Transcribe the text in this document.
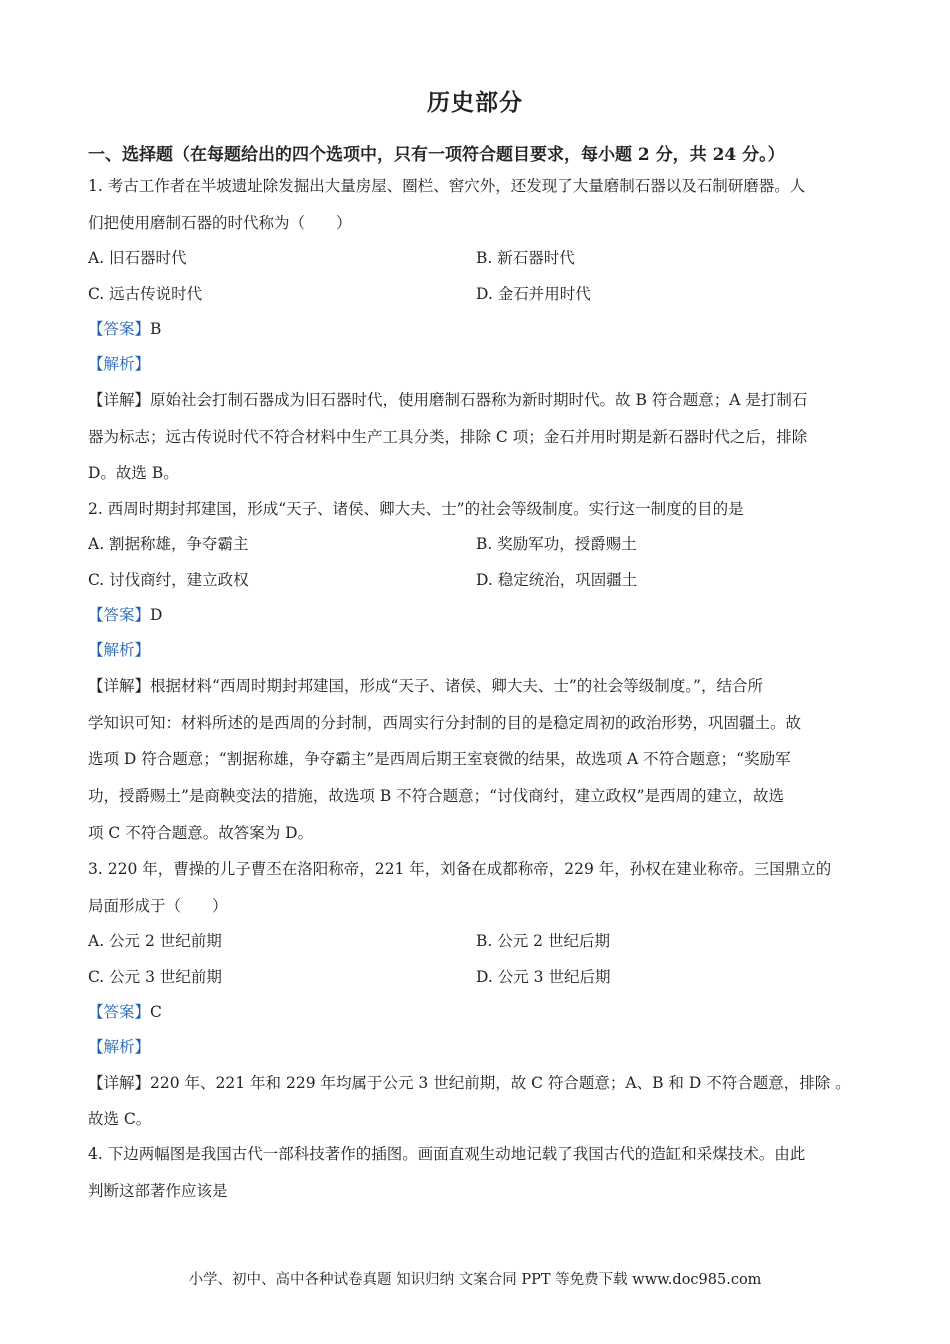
历史部分
一、选择题（在每题给出的四个选项中，只有一项符合题目要求，每小题 2 分，共 24 分。）
1. 考古工作者在半坡遗址除发掘出大量房屋、圈栏、窖穴外，还发现了大量磨制石器以及石制研磨器。人
们把使用磨制石器的时代称为（　　）
A. 旧石器时代	B. 新石器时代
C. 远古传说时代	D. 金石并用时代
【答案】B
【解析】
【详解】原始社会打制石器成为旧石器时代，使用磨制石器称为新时期时代。故 B 符合题意；A 是打制石
器为标志；远古传说时代不符合材料中生产工具分类，排除 C 项；金石并用时期是新石器时代之后，排除
D。故选 B。
2. 西周时期封邦建国，形成“天子、诸侯、卿大夫、士”的社会等级制度。实行这一制度的目的是
A. 割据称雄，争夺霸主	B. 奖励军功，授爵赐土
C. 讨伐商纣，建立政权	D. 稳定统治，巩固疆土
【答案】D
【解析】
【详解】根据材料“西周时期封邦建国，形成“天子、诸侯、卿大夫、士”的社会等级制度。”，结合所
学知识可知：材料所述的是西周的分封制，西周实行分封制的目的是稳定周初的政治形势，巩固疆土。故
选项 D 符合题意；“割据称雄，争夺霸主”是西周后期王室衰微的结果，故选项 A 不符合题意；“奖励军
功，授爵赐土”是商鞅变法的措施，故选项 B 不符合题意；“讨伐商纣，建立政权”是西周的建立，故选
项 C 不符合题意。故答案为 D。
3. 220 年，曹操的儿子曹丕在洛阳称帝，221 年，刘备在成都称帝，229 年，孙权在建业称帝。三国鼎立的
局面形成于（　　）
A. 公元 2 世纪前期	B. 公元 2 世纪后期
C. 公元 3 世纪前期	D. 公元 3 世纪后期
【答案】C
【解析】
【详解】220 年、221 年和 229 年均属于公元 3 世纪前期，故 C 符合题意；A、B 和 D 不符合题意，排除 。
故选 C。
4. 下边两幅图是我国古代一部科技著作的插图。画面直观生动地记载了我国古代的造缸和采煤技术。由此
判断这部著作应该是
小学、初中、高中各种试卷真题 知识归纳 文案合同 PPT 等免费下载 www.doc985.com
